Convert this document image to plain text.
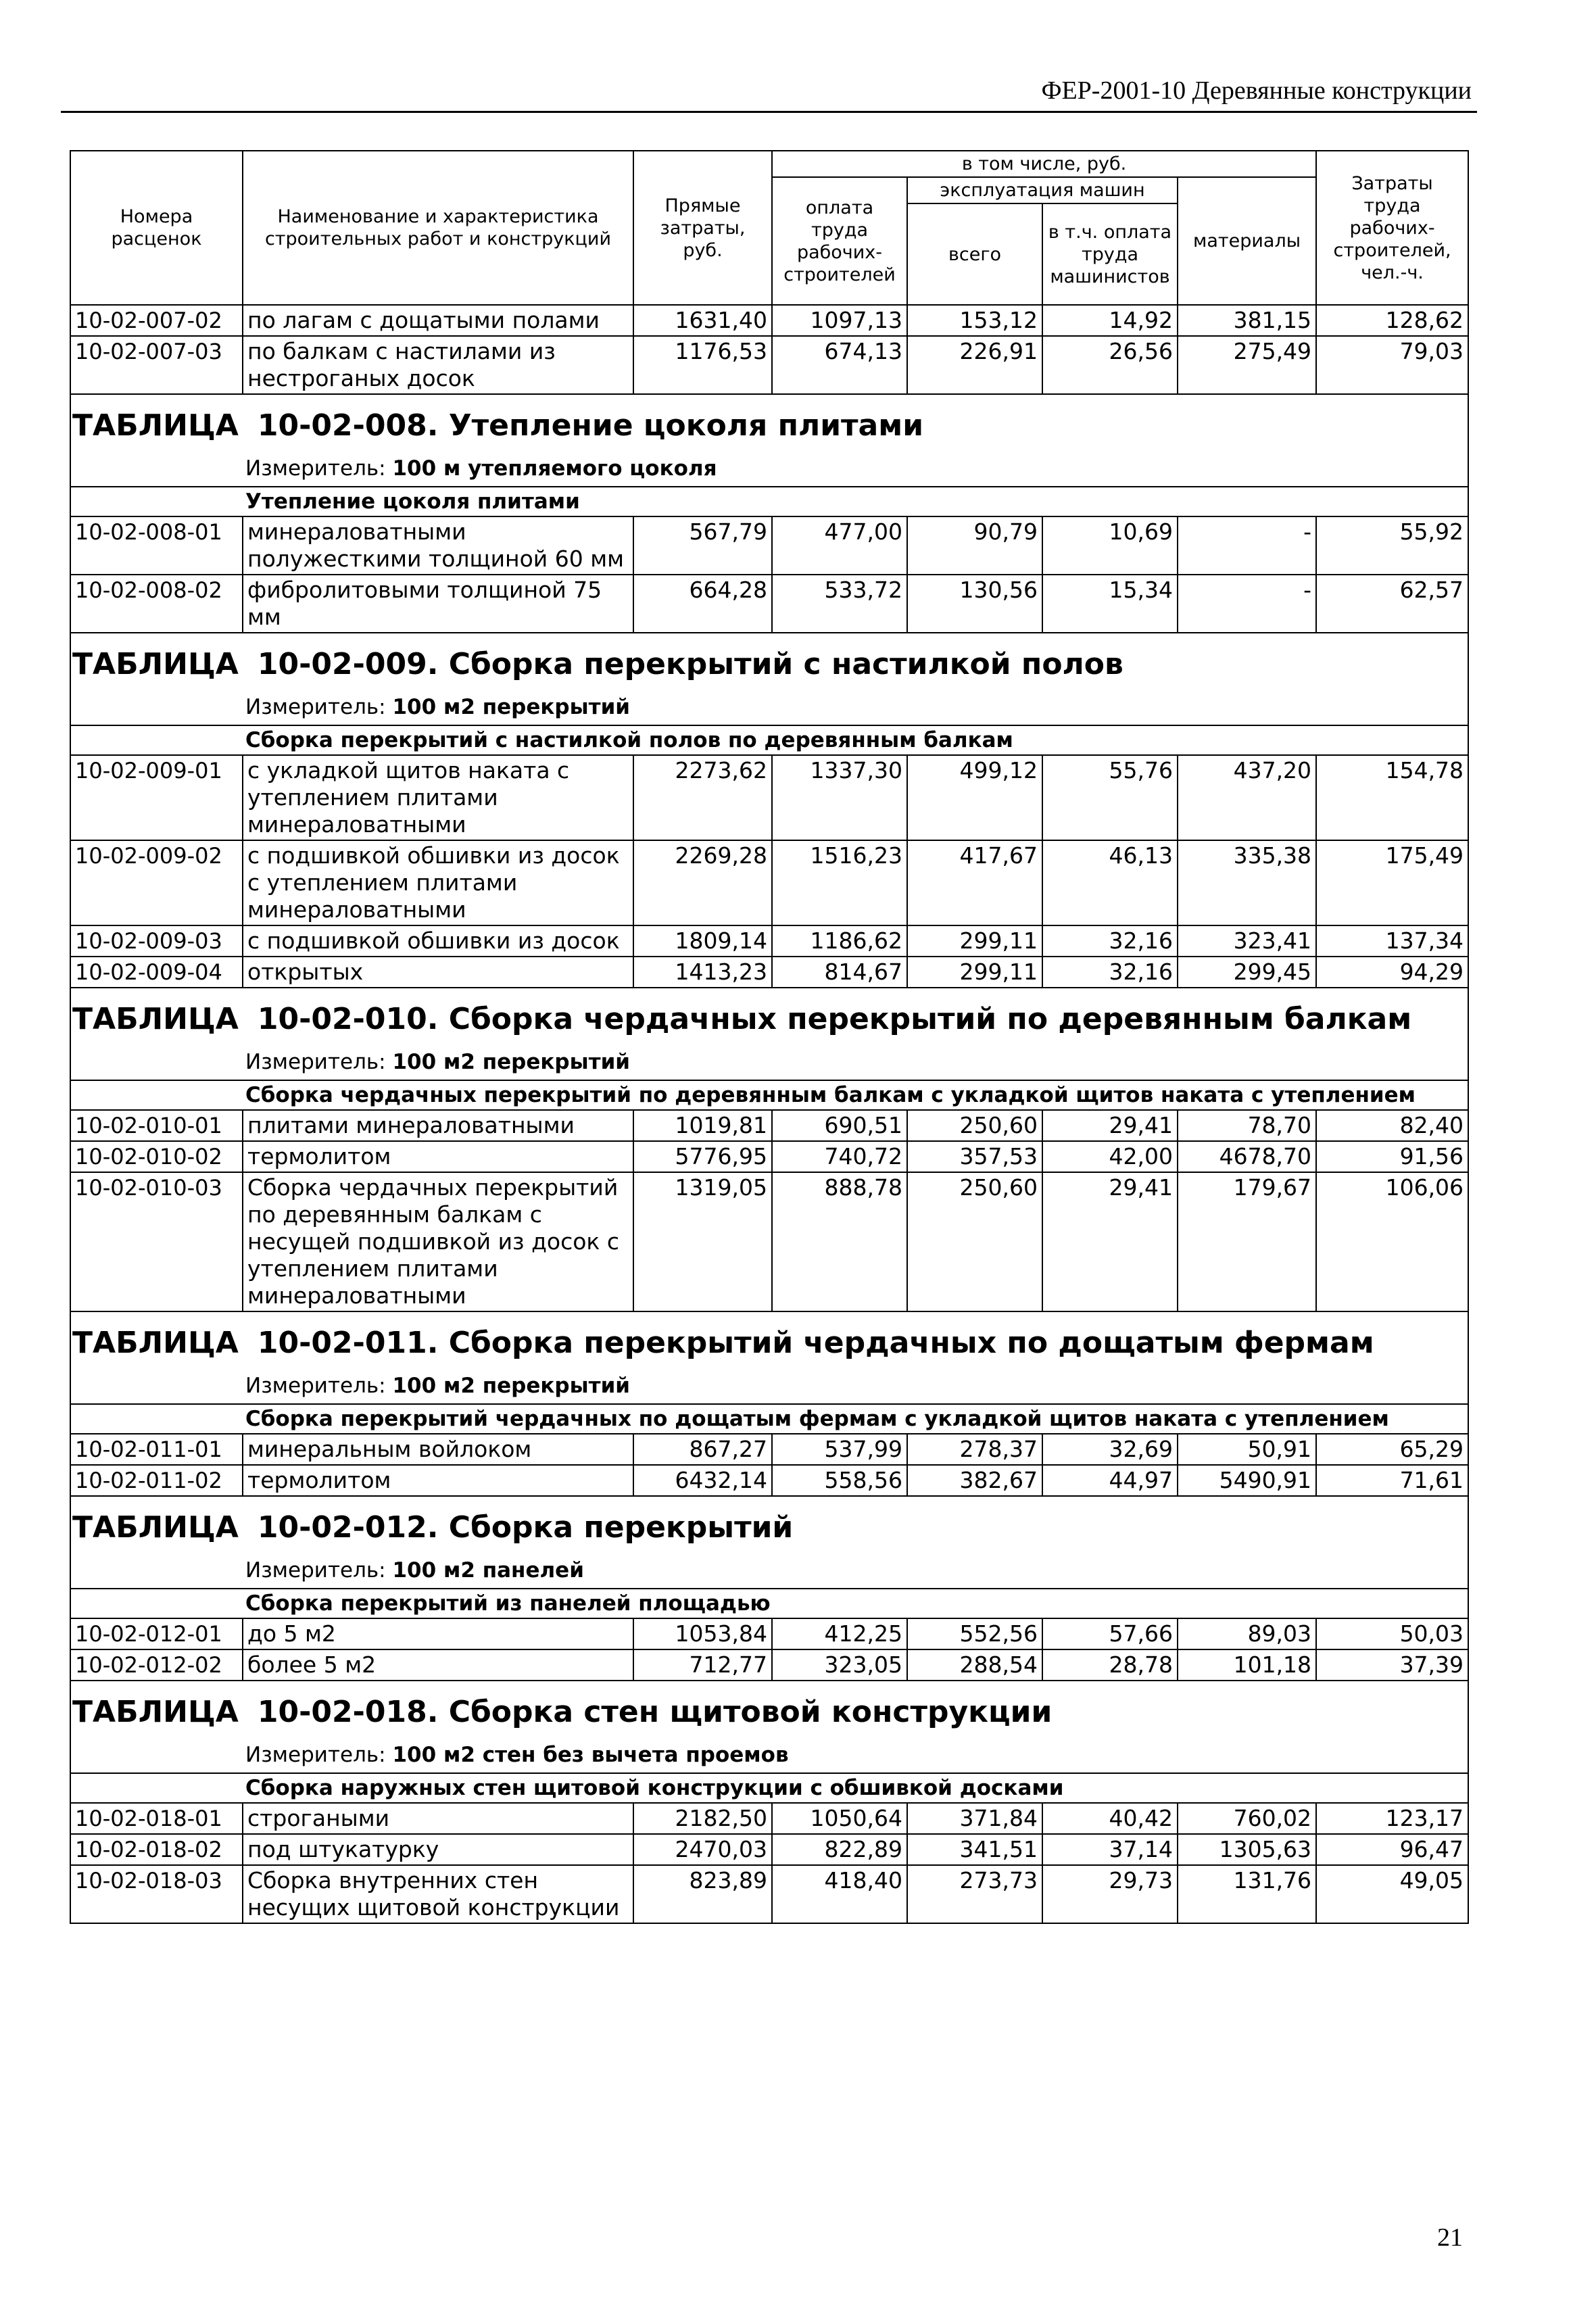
ФЕР-2001-10 Деревянные конструкции
Номера расценок	Наименование и характеристика строительных работ и конструкций	Прямые затраты, руб.	в том числе, руб.				Затраты труда рабочих-строителей, чел.-ч.
			оплата труда рабочих-строителей	эксплуатация машин		материалы	
				всего	в т.ч. оплата труда машинистов		
10-02-007-02	по лагам с дощатыми полами	1631,40	1097,13	153,12	14,92	381,15	128,62
10-02-007-03	по балкам с настилами из нестроганых досок	1176,53	674,13	226,91	26,56	275,49	79,03
ТАБЛИЦА 10-02-008. Утепление цоколя плитами							
Измеритель: 100 м утепляемого цоколя							
Утепление цоколя плитами							
10-02-008-01	минераловатными полужесткими толщиной 60 мм	567,79	477,00	90,79	10,69	-	55,92
10-02-008-02	фибролитовыми толщиной 75 мм	664,28	533,72	130,56	15,34	-	62,57
ТАБЛИЦА 10-02-009. Сборка перекрытий с настилкой полов							
Измеритель: 100 м2 перекрытий							
Сборка перекрытий с настилкой полов по деревянным балкам							
10-02-009-01	с укладкой щитов наката с утеплением плитами минераловатными	2273,62	1337,30	499,12	55,76	437,20	154,78
10-02-009-02	с подшивкой обшивки из досок с утеплением плитами минераловатными	2269,28	1516,23	417,67	46,13	335,38	175,49
10-02-009-03	с подшивкой обшивки из досок	1809,14	1186,62	299,11	32,16	323,41	137,34
10-02-009-04	открытых	1413,23	814,67	299,11	32,16	299,45	94,29
ТАБЛИЦА 10-02-010. Сборка чердачных перекрытий по деревянным балкам							
Измеритель: 100 м2 перекрытий							
Сборка чердачных перекрытий по деревянным балкам с укладкой щитов наката с утеплением							
10-02-010-01	плитами минераловатными	1019,81	690,51	250,60	29,41	78,70	82,40
10-02-010-02	термолитом	5776,95	740,72	357,53	42,00	4678,70	91,56
10-02-010-03	Сборка чердачных перекрытий по деревянным балкам с несущей подшивкой из досок с утеплением плитами минераловатными	1319,05	888,78	250,60	29,41	179,67	106,06
ТАБЛИЦА 10-02-011. Сборка перекрытий чердачных по дощатым фермам							
Измеритель: 100 м2 перекрытий							
Сборка перекрытий чердачных по дощатым фермам с укладкой щитов наката с утеплением							
10-02-011-01	минеральным войлоком	867,27	537,99	278,37	32,69	50,91	65,29
10-02-011-02	термолитом	6432,14	558,56	382,67	44,97	5490,91	71,61
ТАБЛИЦА 10-02-012. Сборка перекрытий							
Измеритель: 100 м2 панелей							
Сборка перекрытий из панелей площадью							
10-02-012-01	до 5 м2	1053,84	412,25	552,56	57,66	89,03	50,03
10-02-012-02	более 5 м2	712,77	323,05	288,54	28,78	101,18	37,39
ТАБЛИЦА 10-02-018. Сборка стен щитовой конструкции							
Измеритель: 100 м2 стен без вычета проемов							
Сборка наружных стен щитовой конструкции с обшивкой досками							
10-02-018-01	строгаными	2182,50	1050,64	371,84	40,42	760,02	123,17
10-02-018-02	под штукатурку	2470,03	822,89	341,51	37,14	1305,63	96,47
10-02-018-03	Сборка внутренних стен несущих щитовой конструкции	823,89	418,40	273,73	29,73	131,76	49,05
21
